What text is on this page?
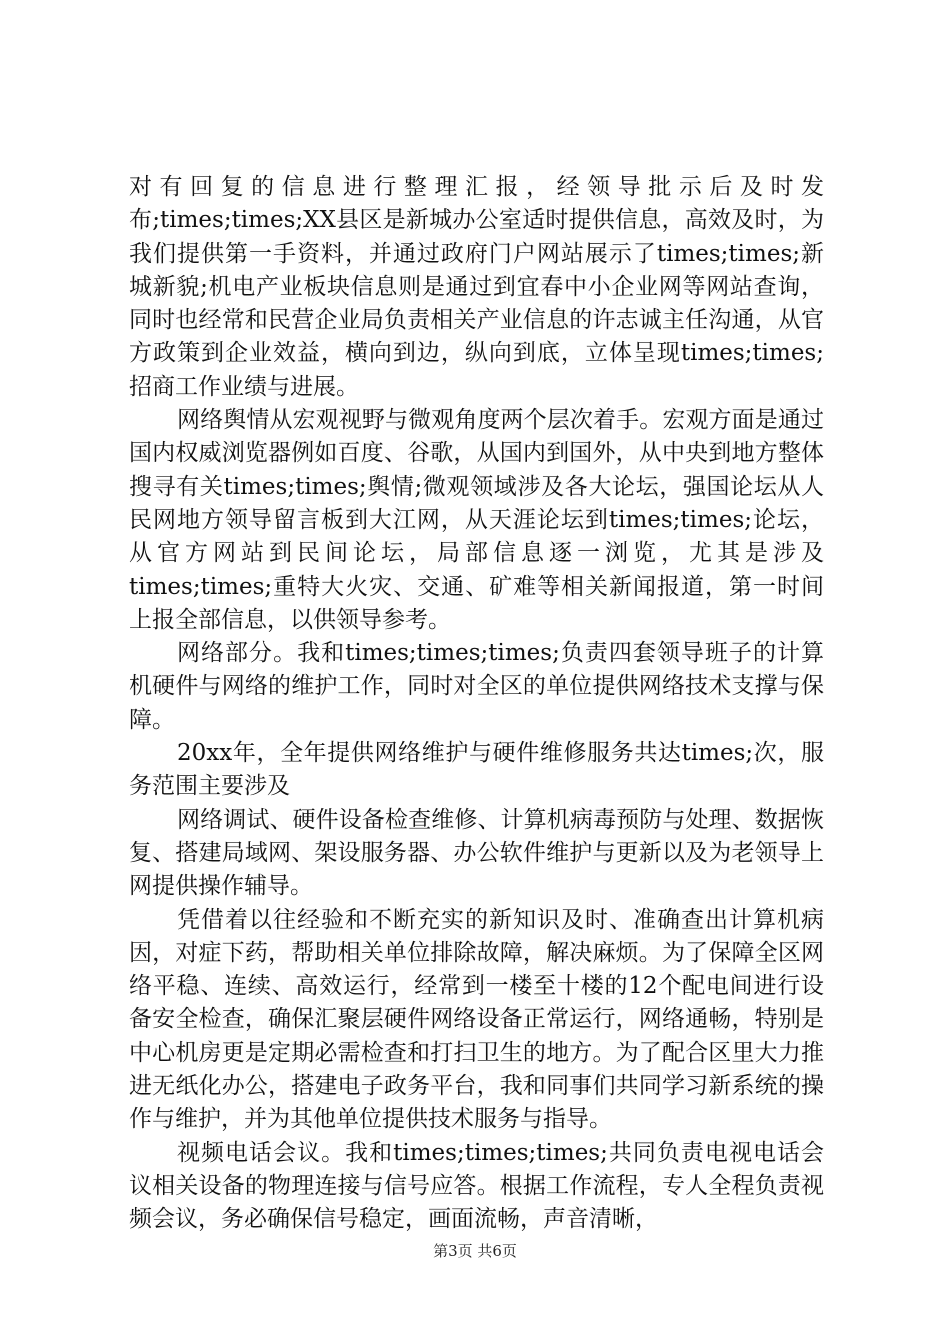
对有回复的信息进行整理汇报，经领导批示后及时发布;times;times;XX县区是新城办公室适时提供信息，高效及时，为我们提供第一手资料，并通过政府门户网站展示了times;times;新城新貌;机电产业板块信息则是通过到宜春中小企业网等网站查询，同时也经常和民营企业局负责相关产业信息的许志诚主任沟通，从官方政策到企业效益，横向到边，纵向到底，立体呈现times;times;招商工作业绩与进展。

网络舆情从宏观视野与微观角度两个层次着手。宏观方面是通过国内权威浏览器例如百度、谷歌，从国内到国外，从中央到地方整体搜寻有关times;times;舆情;微观领域涉及各大论坛，强国论坛从人民网地方领导留言板到大江网，从天涯论坛到times;times;论坛，从官方网站到民间论坛，局部信息逐一浏览，尤其是涉及times;times;重特大火灾、交通、矿难等相关新闻报道，第一时间上报全部信息，以供领导参考。

网络部分。我和times;times;times;负责四套领导班子的计算机硬件与网络的维护工作，同时对全区的单位提供网络技术支撑与保障。

20xx年，全年提供网络维护与硬件维修服务共达times;次，服务范围主要涉及

网络调试、硬件设备检查维修、计算机病毒预防与处理、数据恢复、搭建局域网、架设服务器、办公软件维护与更新以及为老领导上网提供操作辅导。

凭借着以往经验和不断充实的新知识及时、准确查出计算机病因，对症下药，帮助相关单位排除故障，解决麻烦。为了保障全区网络平稳、连续、高效运行，经常到一楼至十楼的12个配电间进行设备安全检查，确保汇聚层硬件网络设备正常运行，网络通畅，特别是中心机房更是定期必需检查和打扫卫生的地方。为了配合区里大力推进无纸化办公，搭建电子政务平台，我和同事们共同学习新系统的操作与维护，并为其他单位提供技术服务与指导。

视频电话会议。我和times;times;times;共同负责电视电话会议相关设备的物理连接与信号应答。根据工作流程，专人全程负责视频会议，务必确保信号稳定，画面流畅，声音清晰，

第3页 共6页
